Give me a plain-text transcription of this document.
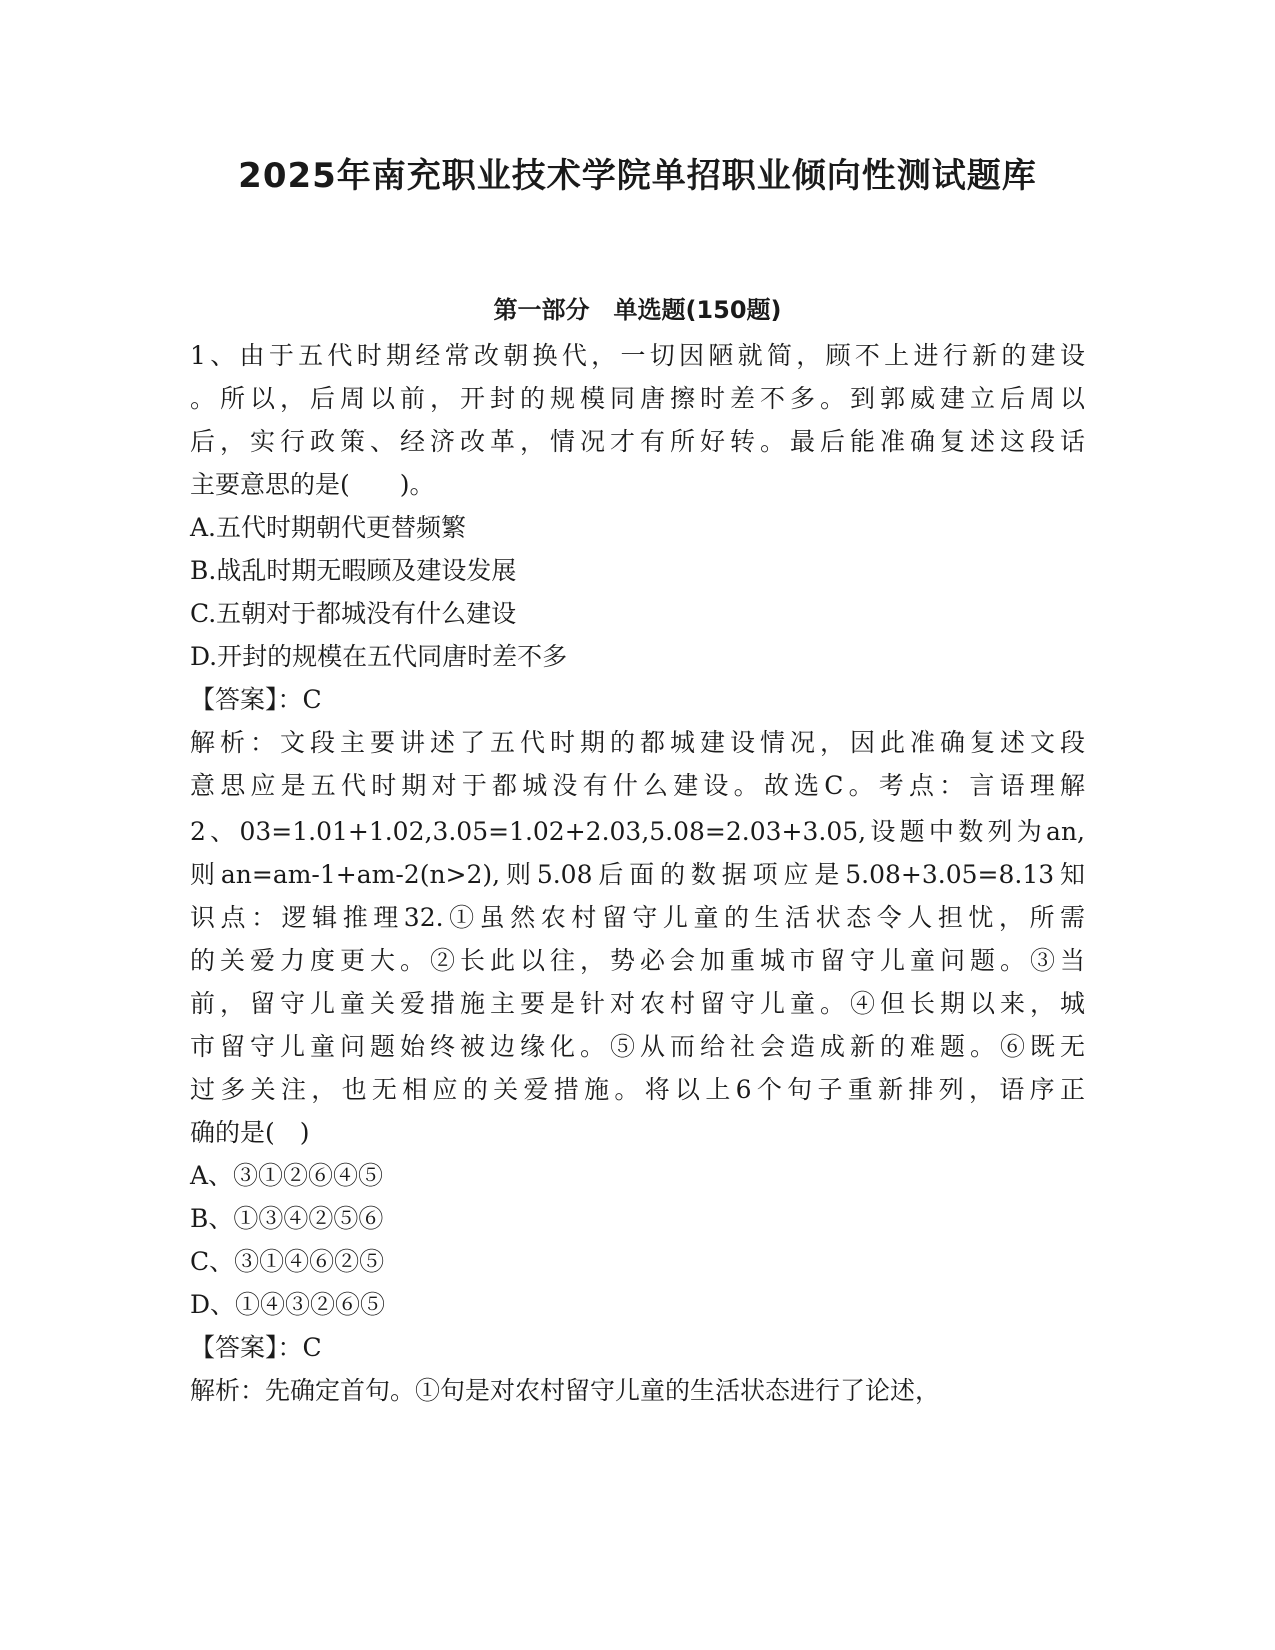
2025年南充职业技术学院单招职业倾向性测试题库
第一部分　单选题(150题)
1、由于五代时期经常改朝换代，一切因陋就简，顾不上进行新的建设
。所以，后周以前，开封的规模同唐擦时差不多。到郭威建立后周以
后，实行政策、经济改革，情况才有所好转。最后能准确复述这段话
主要意思的是(　　)。
A.五代时期朝代更替频繁
B.战乱时期无暇顾及建设发展
C.五朝对于都城没有什么建设
D.开封的规模在五代同唐时差不多
【答案】：C
解析：文段主要讲述了五代时期的都城建设情况，因此准确复述文段
意思应是五代时期对于都城没有什么建设。故选C。考点：言语理解
2、03=1.01+1.02,3.05=1.02+2.03,5.08=2.03+3.05,设题中数列为an,
则an=am-1+am-2(n>2),则5.08后面的数据项应是5.08+3.05=8.13知
识点：逻辑推理32.①虽然农村留守儿童的生活状态令人担忧，所需
的关爱力度更大。②长此以往，势必会加重城市留守儿童问题。③当
前，留守儿童关爱措施主要是针对农村留守儿童。④但长期以来，城
市留守儿童问题始终被边缘化。⑤从而给社会造成新的难题。⑥既无
过多关注，也无相应的关爱措施。将以上6个句子重新排列，语序正
确的是(　)
A、③①②⑥④⑤
B、①③④②⑤⑥
C、③①④⑥②⑤
D、①④③②⑥⑤
【答案】：C
解析：先确定首句。①句是对农村留守儿童的生活状态进行了论述，
